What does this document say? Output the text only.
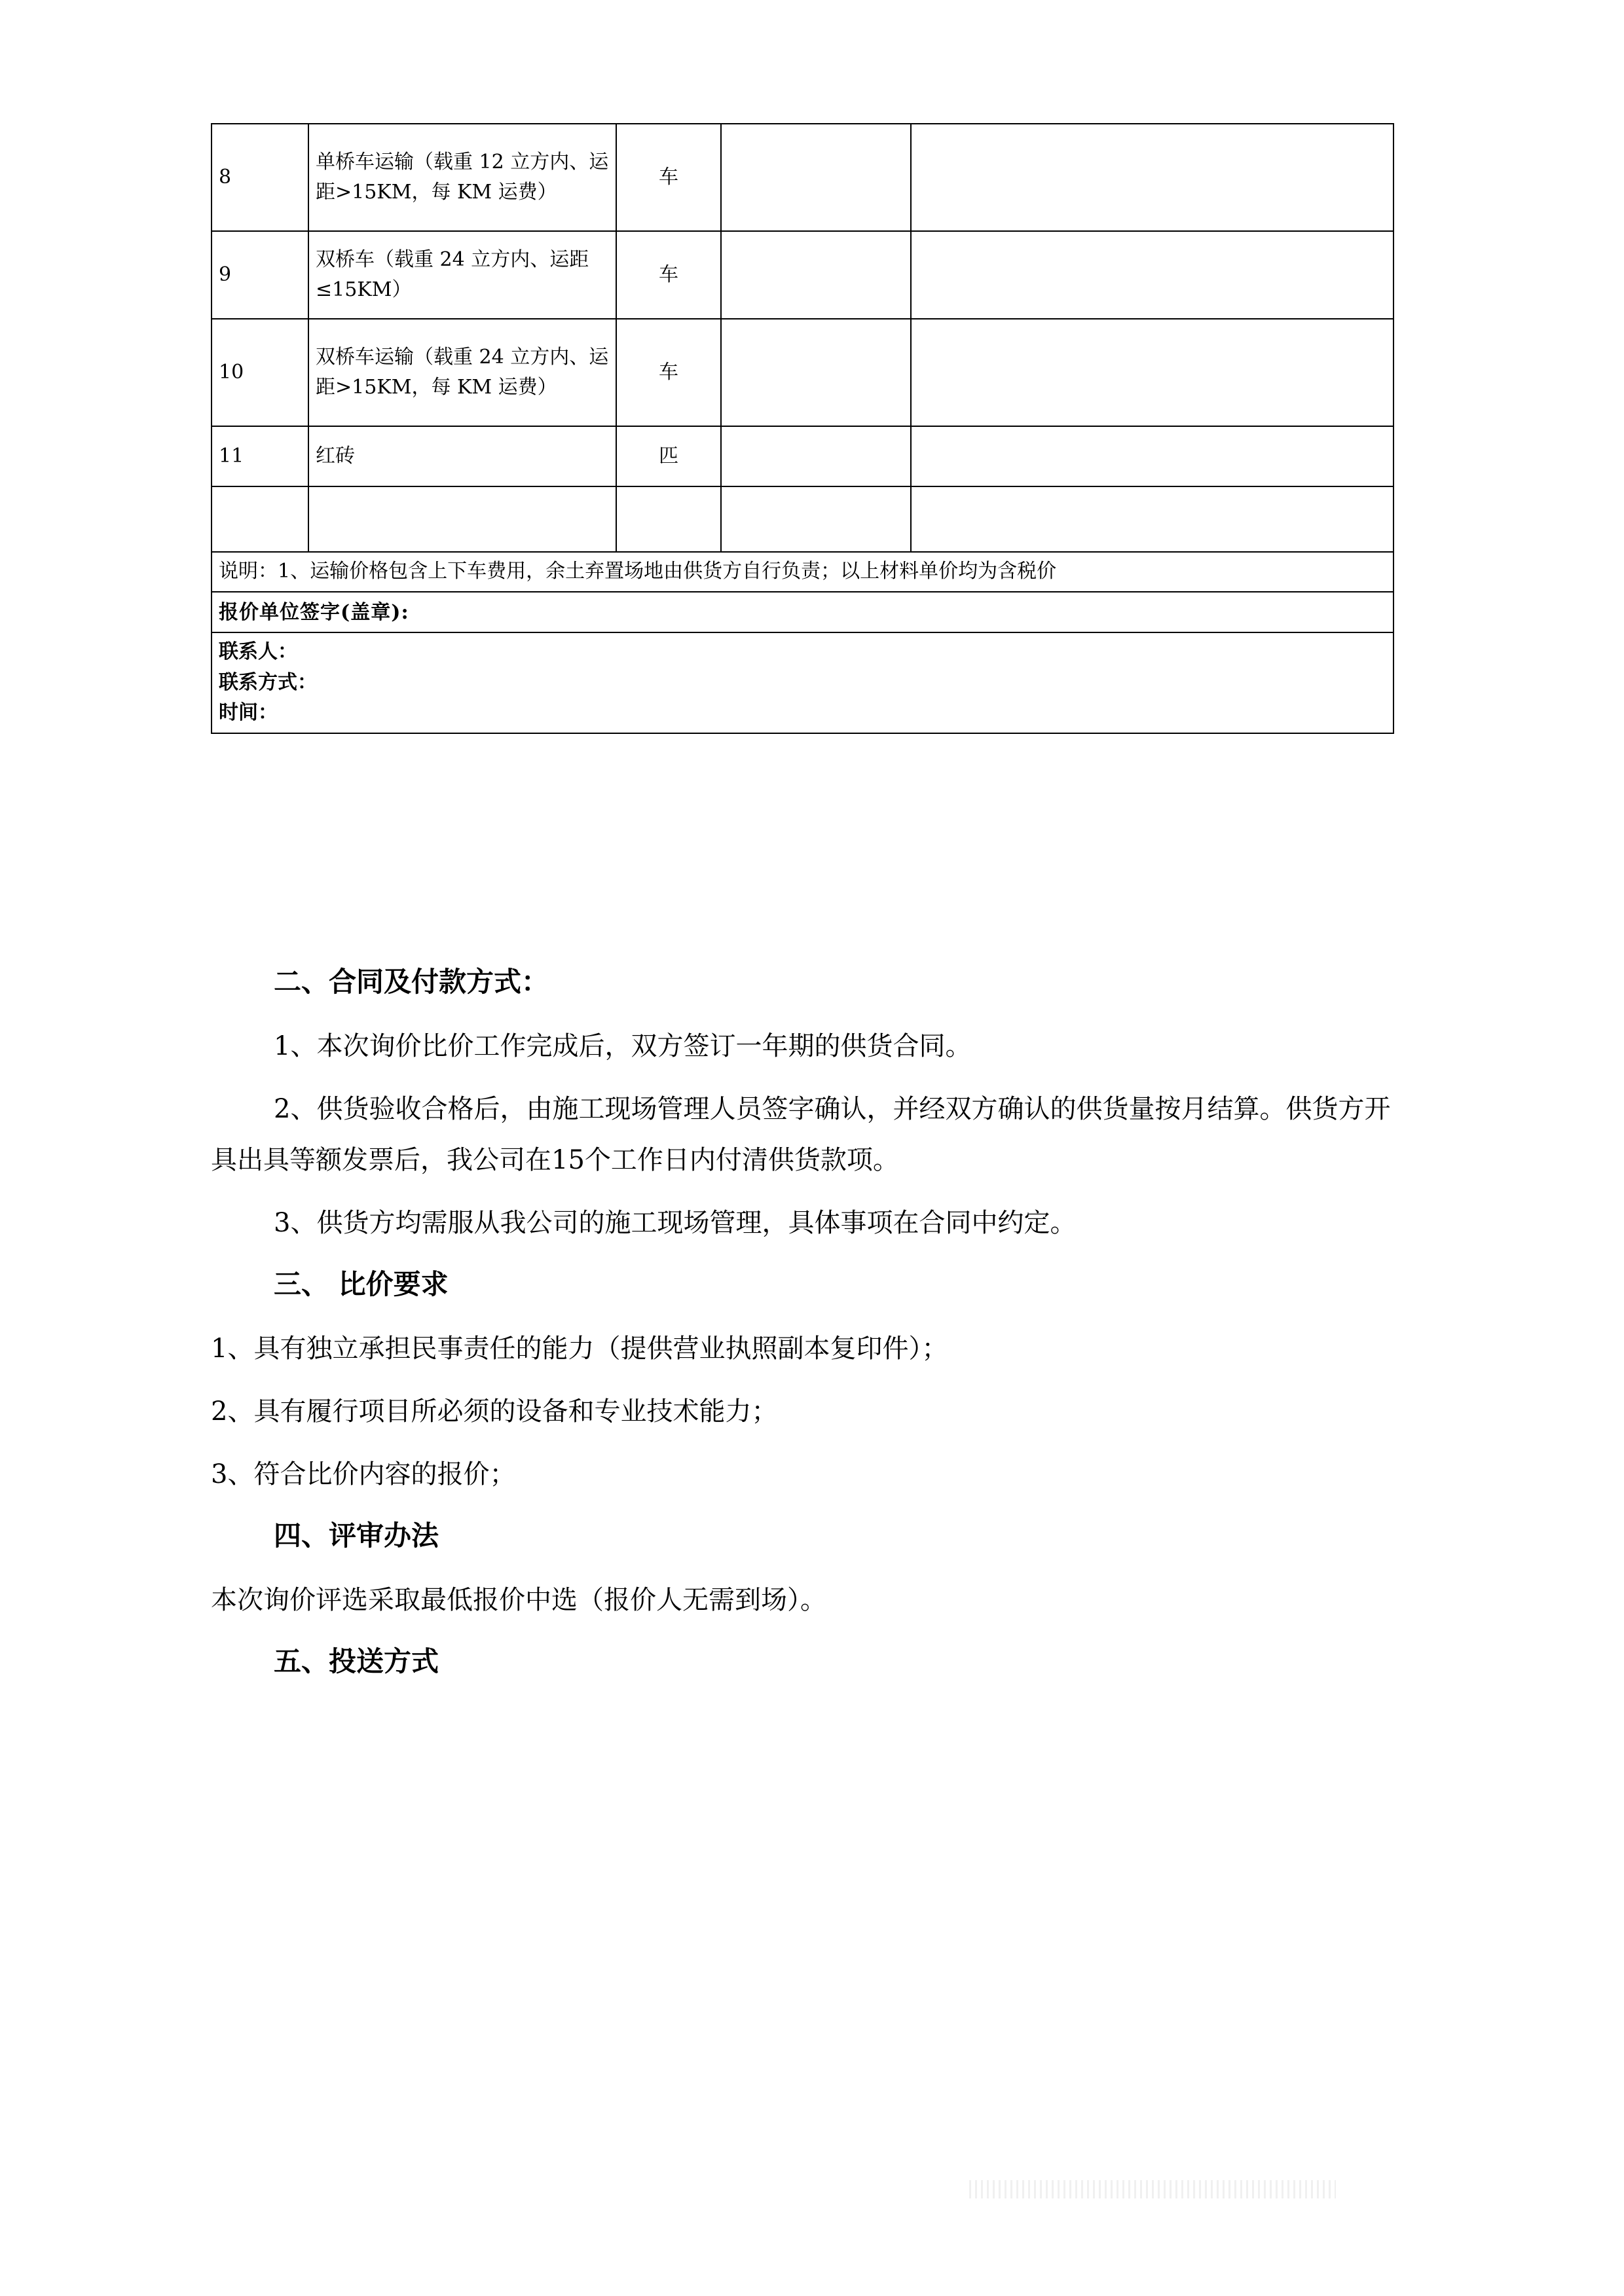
8	单桥车运输（载重 12 立方内、运距>15KM，每 KM 运费）	车		
9	双桥车（载重 24 立方内、运距≤15KM）	车		
10	双桥车运输（载重 24 立方内、运距>15KM，每 KM 运费）	车		
11	红砖	匹		

说明：1、运输价格包含上下车费用，余土弃置场地由供货方自行负责；以上材料单价均为含税价				
报价单位签字(盖章):				

联系人：
联系方式：
时间：				

二、合同及付款方式：

1、本次询价比价工作完成后，双方签订一年期的供货合同。

2、供货验收合格后，由施工现场管理人员签字确认，并经双方确认的供货量按月结算。供货方开具出具等额发票后，我公司在15个工作日内付清供货款项。

3、供货方均需服从我公司的施工现场管理，具体事项在合同中约定。

三、 比价要求

1、具有独立承担民事责任的能力（提供营业执照副本复印件）；

2、具有履行项目所必须的设备和专业技术能力；

3、符合比价内容的报价；

四、评审办法

本次询价评选采取最低报价中选（报价人无需到场）。

五、投送方式
